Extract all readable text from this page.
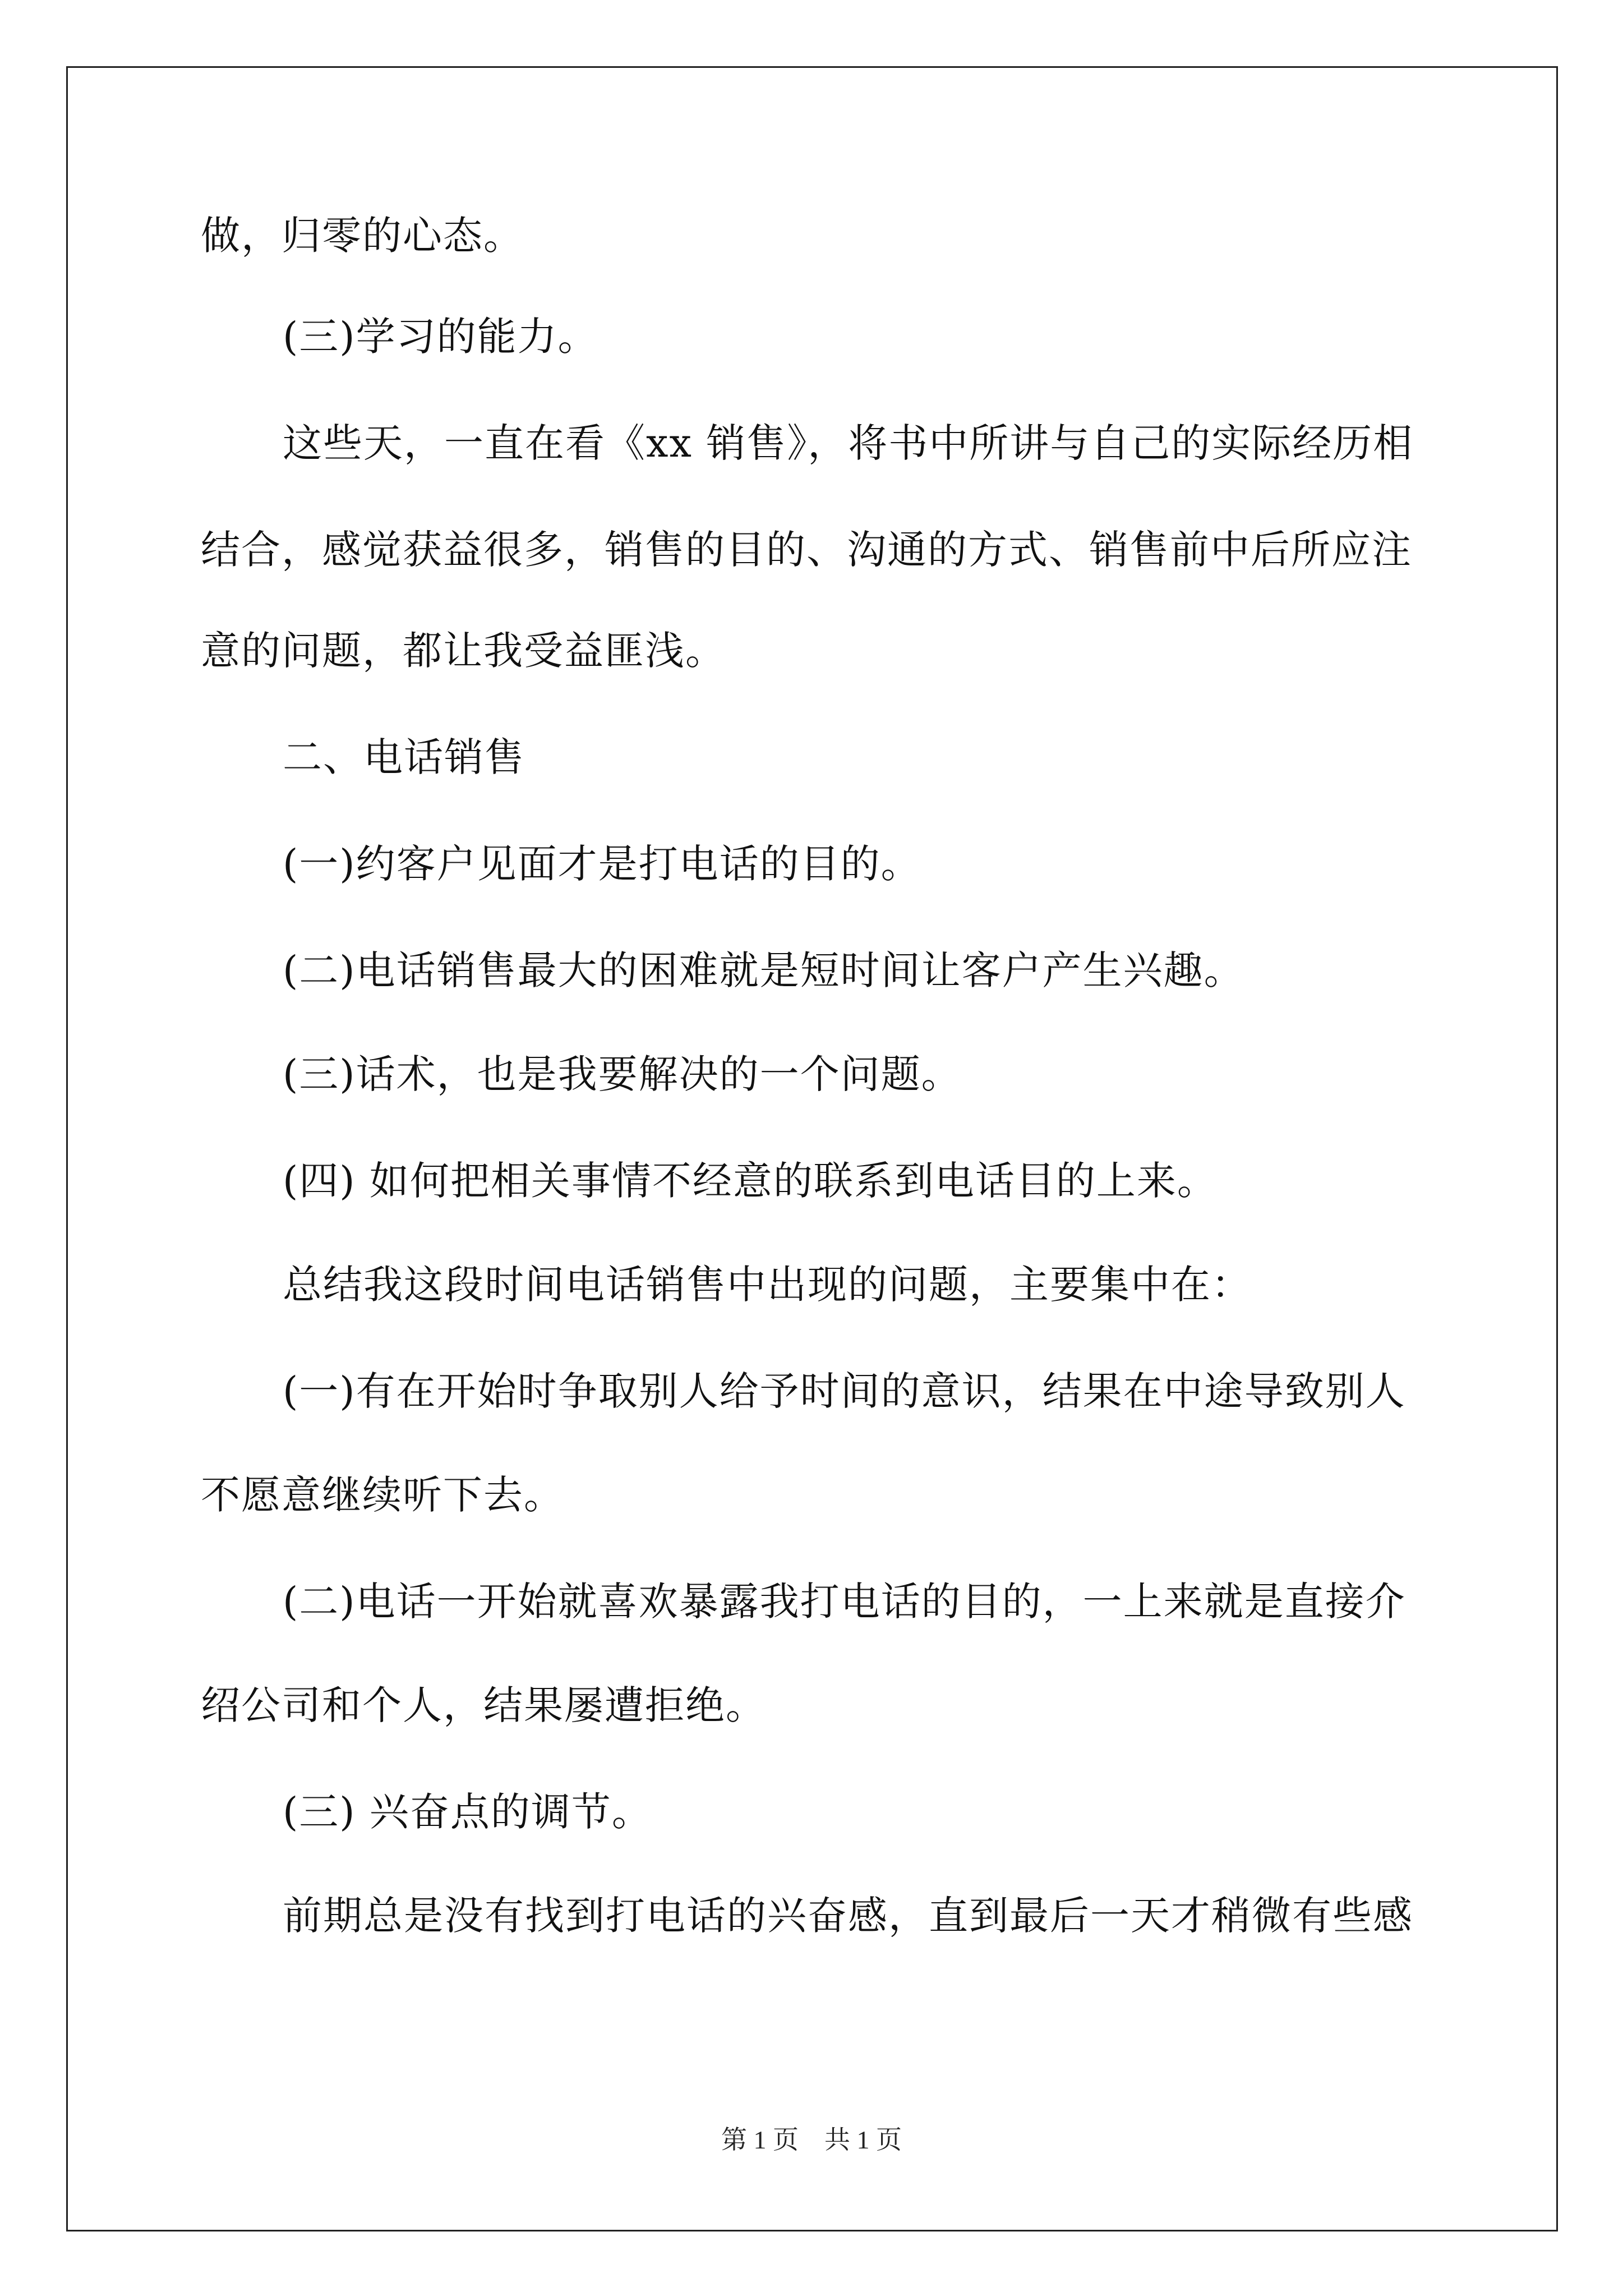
做，归零的心态。
(三)学习的能力。
这些天，一直在看《xx 销售》，将书中所讲与自己的实际经历相
结合，感觉获益很多，销售的目的、沟通的方式、销售前中后所应注
意的问题，都让我受益匪浅。
二、电话销售
(一)约客户见面才是打电话的目的。
(二)电话销售最大的困难就是短时间让客户产生兴趣。
(三)话术，也是我要解决的一个问题。
(四) 如何把相关事情不经意的联系到电话目的上来。
总结我这段时间电话销售中出现的问题，主要集中在：
(一)有在开始时争取别人给予时间的意识，结果在中途导致别人
不愿意继续听下去。
(二)电话一开始就喜欢暴露我打电话的目的，一上来就是直接介
绍公司和个人，结果屡遭拒绝。
(三) 兴奋点的调节。
前期总是没有找到打电话的兴奋感，直到最后一天才稍微有些感
第 1 页　共 1 页
